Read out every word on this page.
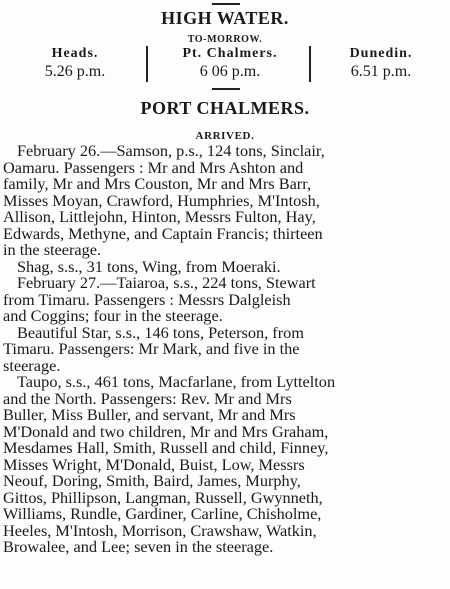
HIGH WATER.
TO-MORROW.
Heads.
5.26 p.m.
Pt. Chalmers.
6 06 p.m.
Dunedin.
6.51 p.m.
PORT CHALMERS.
ARRIVED.
February 26.—Samson, p.s., 124 tons, Sinclair,
Oamaru. Passengers : Mr and Mrs Ashton and
family, Mr and Mrs Couston, Mr and Mrs Barr,
Misses Moyan, Crawford, Humphries, M'Intosh,
Allison, Littlejohn, Hinton, Messrs Fulton, Hay,
Edwards, Methyne, and Captain Francis; thirteen
in the steerage.
Shag, s.s., 31 tons, Wing, from Moeraki.
February 27.—Taiaroa, s.s., 224 tons, Stewart
from Timaru. Passengers : Messrs Dalgleish
and Coggins; four in the steerage.
Beautiful Star, s.s., 146 tons, Peterson, from
Timaru. Passengers: Mr Mark, and five in the
steerage.
Taupo, s.s., 461 tons, Macfarlane, from Lyttelton
and the North. Passengers: Rev. Mr and Mrs
Buller, Miss Buller, and servant, Mr and Mrs
M'Donald and two children, Mr and Mrs Graham,
Mesdames Hall, Smith, Russell and child, Finney,
Misses Wright, M'Donald, Buist, Low, Messrs
Neouf, Doring, Smith, Baird, James, Murphy,
Gittos, Phillipson, Langman, Russell, Gwynneth,
Williams, Rundle, Gardiner, Carline, Chisholme,
Heeles, M'Intosh, Morrison, Crawshaw, Watkin,
Browalee, and Lee; seven in the steerage.
